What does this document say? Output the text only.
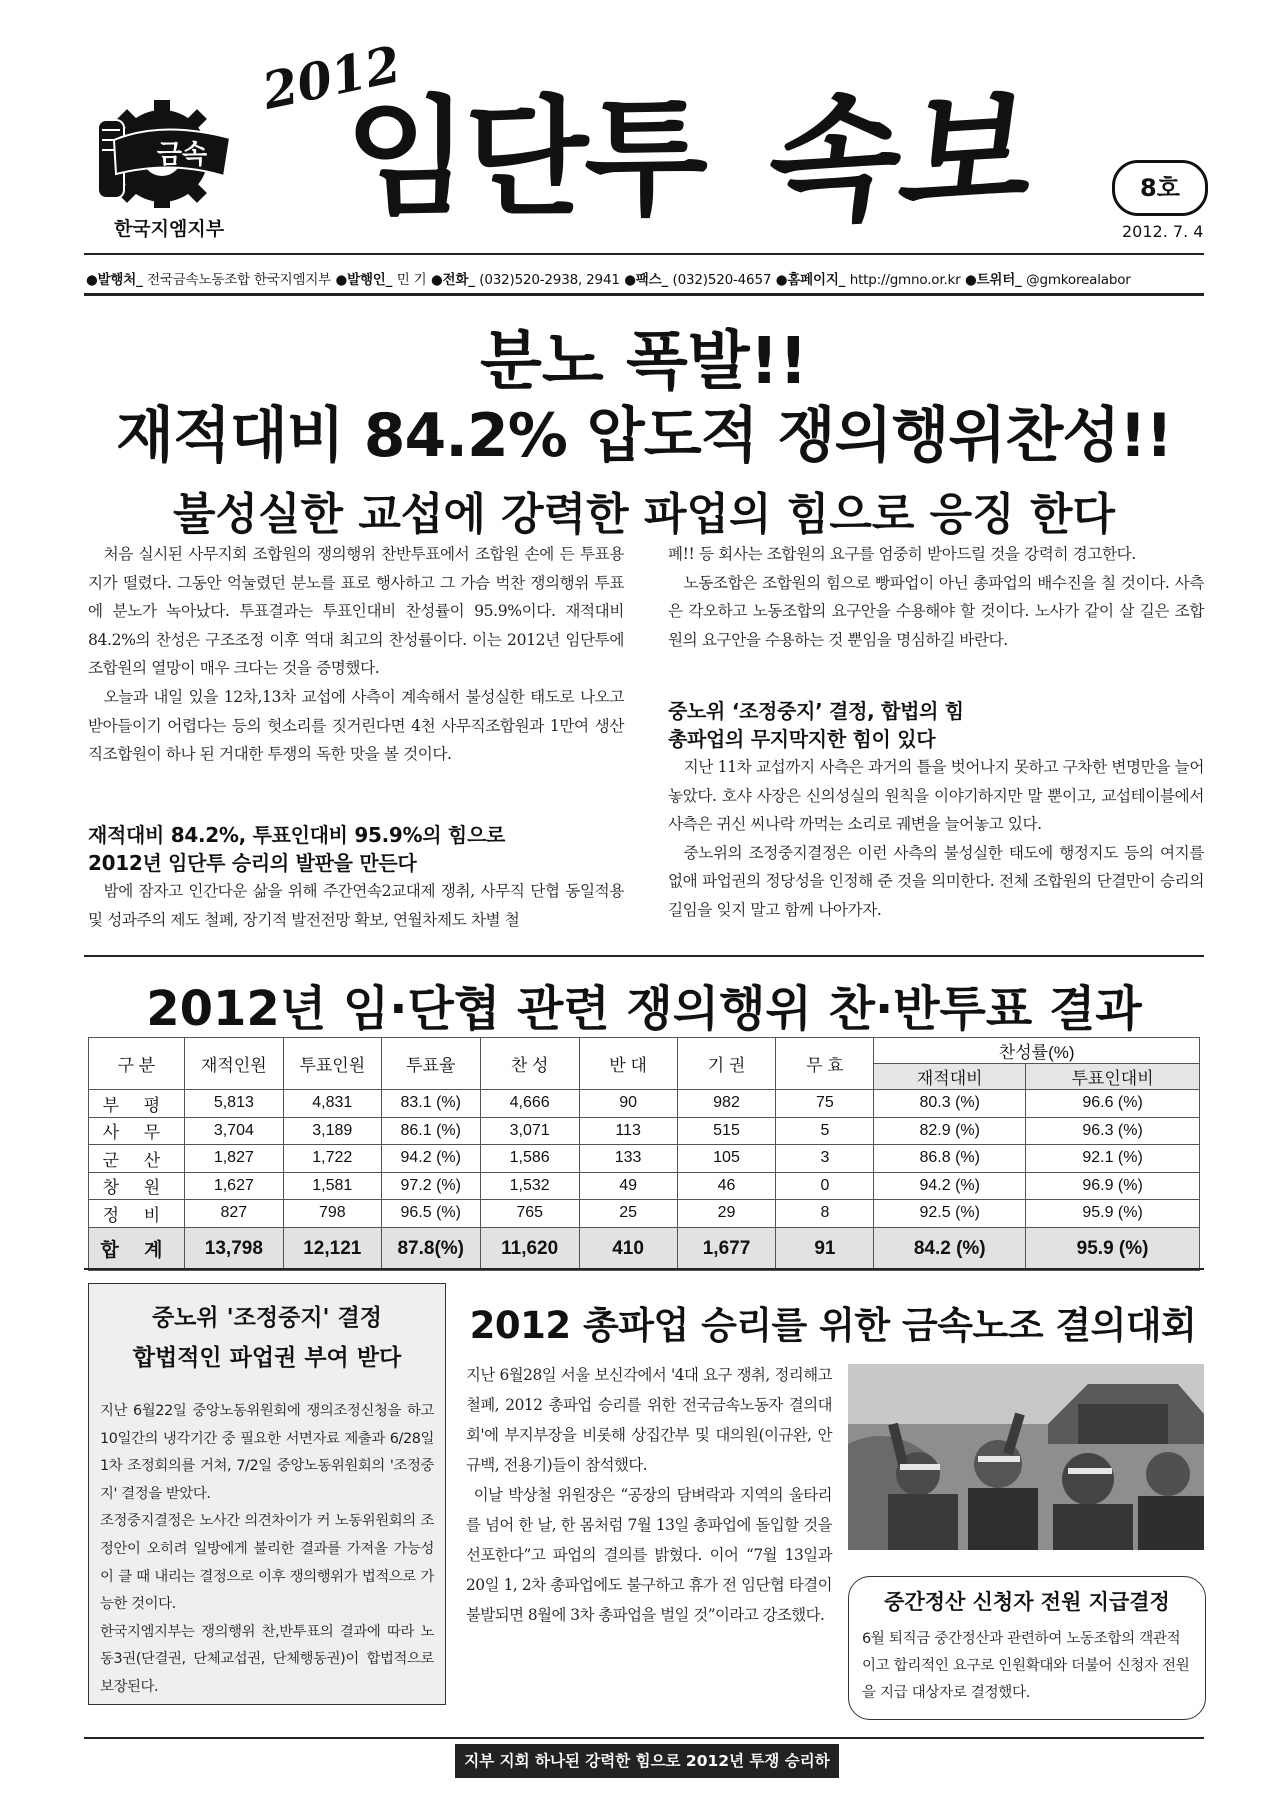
금속
한국지엠지부
2012
임단투 속보	8호
2012. 7. 4
●발행처_ 전국금속노동조합 한국지엠지부 ●발행인_ 민 기 ●전화_ (032)520-2938, 2941 ●팩스_ (032)520-4657 ●홈페이지_ http://gmno.or.kr ●트위터_ @gmkorealabor
분노 폭발!!
재적대비 84.2% 압도적 쟁의행위찬성!!
불성실한 교섭에 강력한 파업의 힘으로 응징 한다

처음 실시된 사무지회 조합원의 쟁의행위 찬반투표에서 조합원 손에 든 투표용지가 떨렸다. 그동안 억눌렸던 분노를 표로 행사하고 그 가슴 벅찬 쟁의행위 투표에 분노가 녹아났다. 투표결과는 투표인대비 찬성률이 95.9%이다. 재적대비 84.2%의 찬성은 구조조정 이후 역대 최고의 찬성률이다. 이는 2012년 임단투에 조합원의 열망이 매우 크다는 것을 증명했다.

오늘과 내일 있을 12차,13차 교섭에 사측이 계속해서 불성실한 태도로 나오고 받아들이기 어렵다는 등의 헛소리를 짓거린다면 4천 사무직조합원과 1만여 생산직조합원이 하나 된 거대한 투쟁의 독한 맛을 볼 것이다.

재적대비 84.2%, 투표인대비 95.9%의 힘으로
2012년 임단투 승리의 발판을 만든다

밤에 잠자고 인간다운 삶을 위해 주간연속2교대제 쟁취, 사무직 단협 동일적용 및 성과주의 제도 철폐, 장기적 발전전망 확보, 연월차제도 차별 철

폐!! 등 회사는 조합원의 요구를 엄중히 받아드릴 것을 강력히 경고한다.

노동조합은 조합원의 힘으로 빵파업이 아닌 총파업의 배수진을 칠 것이다. 사측은 각오하고 노동조합의 요구안을 수용해야 할 것이다. 노사가 같이 살 길은 조합원의 요구안을 수용하는 것 뿐임을 명심하길 바란다.

중노위 ‘조정중지’ 결정, 합법의 힘
총파업의 무지막지한 힘이 있다

지난 11차 교섭까지 사측은 과거의 틀을 벗어나지 못하고 구차한 변명만을 늘어놓았다. 호샤 사장은 신의성실의 원칙을 이야기하지만 말 뿐이고, 교섭테이블에서 사측은 귀신 씨나락 까먹는 소리로 궤변을 늘어놓고 있다.

중노위의 조정중지결정은 이런 사측의 불성실한 태도에 행정지도 등의 여지를 없애 파업권의 정당성을 인정해 준 것을 의미한다. 전체 조합원의 단결만이 승리의 길임을 잊지 말고 함께 나아가자.

2012년 임·단협 관련 쟁의행위 찬·반투표 결과
구 분	재적인원	투표인원	투표율	찬 성	반 대	기 권	무 효	찬성률(%)	
								재적대비	투표인대비
부 평	5,813	4,831	83.1 (%)	4,666	90	982	75	80.3 (%)	96.6 (%)
사 무	3,704	3,189	86.1 (%)	3,071	113	515	5	82.9 (%)	96.3 (%)
군 산	1,827	1,722	94.2 (%)	1,586	133	105	3	86.8 (%)	92.1 (%)
창 원	1,627	1,581	97.2 (%)	1,532	49	46	0	94.2 (%)	96.9 (%)
정 비	827	798	96.5 (%)	765	25	29	8	92.5 (%)	95.9 (%)
합 계	13,798	12,121	87.8(%)	11,620	410	1,677	91	84.2 (%)	95.9 (%)
중노위 '조정중지' 결정
합법적인 파업권 부여 받다

지난 6월22일 중앙노동위원회에 쟁의조정신청을 하고 10일간의 냉각기간 중 필요한 서면자료 제출과 6/28일 1차 조정회의를 거쳐, 7/2일 중앙노동위원회의 '조정중지' 결정을 받았다.

조정중지결정은 노사간 의견차이가 커 노동위원회의 조정안이 오히려 일방에게 불리한 결과를 가져올 가능성이 클 때 내리는 결정으로 이후 쟁의행위가 법적으로 가능한 것이다.

한국지엠지부는 쟁의행위 찬,반투표의 결과에 따라 노동3권(단결권, 단체교섭권, 단체행동권)이 합법적으로 보장된다.

2012 총파업 승리를 위한 금속노조 결의대회

지난 6월28일 서울 보신각에서 '4대 요구 쟁취, 정리해고 철폐, 2012 총파업 승리를 위한 전국금속노동자 결의대회'에 부지부장을 비롯해 상집간부 및 대의원(이규완, 안규백, 전용기)들이 참석했다.

이날 박상철 위원장은 “공장의 담벼락과 지역의 울타리를 넘어 한 날, 한 몸처럼 7월 13일 총파업에 돌입할 것을 선포한다”고 파업의 결의를 밝혔다. 이어 “7월 13일과 20일 1, 2차 총파업에도 불구하고 휴가 전 임단협 타결이 불발되면 8월에 3차 총파업을 벌일 것”이라고 강조했다.

중간정산 신청자 전원 지급결정
6월 퇴직금 중간정산과 관련하여 노동조합의 객관적이고 합리적인 요구로 인원확대와 더불어 신청자 전원을 지급 대상자로 결정했다.
지부 지회 하나된 강력한 힘으로 2012년 투쟁 승리하자!
